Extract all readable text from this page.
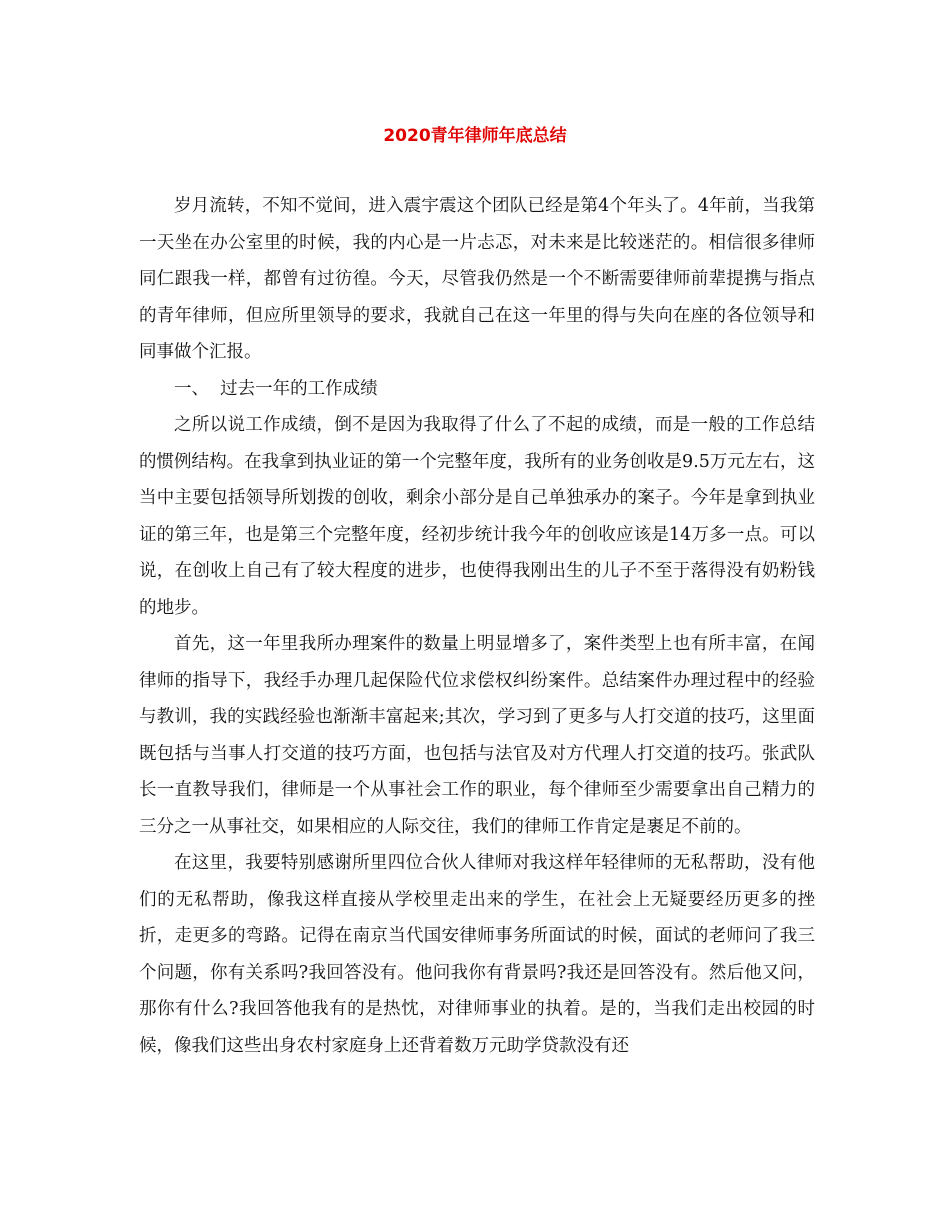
2020青年律师年底总结

岁月流转，不知不觉间，进入震宇震这个团队已经是第4个年头了。4年前，当我第一天坐在办公室里的时候，我的内心是一片忐忑，对未来是比较迷茫的。相信很多律师同仁跟我一样，都曾有过彷徨。今天，尽管我仍然是一个不断需要律师前辈提携与指点的青年律师，但应所里领导的要求，我就自己在这一年里的得与失向在座的各位领导和同事做个汇报。

一、  过去一年的工作成绩

之所以说工作成绩，倒不是因为我取得了什么了不起的成绩，而是一般的工作总结的惯例结构。在我拿到执业证的第一个完整年度，我所有的业务创收是9.5万元左右，这当中主要包括领导所划拨的创收，剩余小部分是自己单独承办的案子。今年是拿到执业证的第三年，也是第三个完整年度，经初步统计我今年的创收应该是14万多一点。可以说，在创收上自己有了较大程度的进步，也使得我刚出生的儿子不至于落得没有奶粉钱的地步。

首先，这一年里我所办理案件的数量上明显增多了，案件类型上也有所丰富，在闻律师的指导下，我经手办理几起保险代位求偿权纠纷案件。总结案件办理过程中的经验与教训，我的实践经验也渐渐丰富起来;其次，学习到了更多与人打交道的技巧，这里面既包括与当事人打交道的技巧方面，也包括与法官及对方代理人打交道的技巧。张武队长一直教导我们，律师是一个从事社会工作的职业，每个律师至少需要拿出自己精力的三分之一从事社交，如果相应的人际交往，我们的律师工作肯定是裹足不前的。

在这里，我要特别感谢所里四位合伙人律师对我这样年轻律师的无私帮助，没有他们的无私帮助，像我这样直接从学校里走出来的学生，在社会上无疑要经历更多的挫折，走更多的弯路。记得在南京当代国安律师事务所面试的时候，面试的老师问了我三个问题，你有关系吗?我回答没有。他问我你有背景吗?我还是回答没有。然后他又问，那你有什么?我回答他我有的是热忱，对律师事业的执着。是的，当我们走出校园的时候，像我们这些出身农村家庭身上还背着数万元助学贷款没有还
